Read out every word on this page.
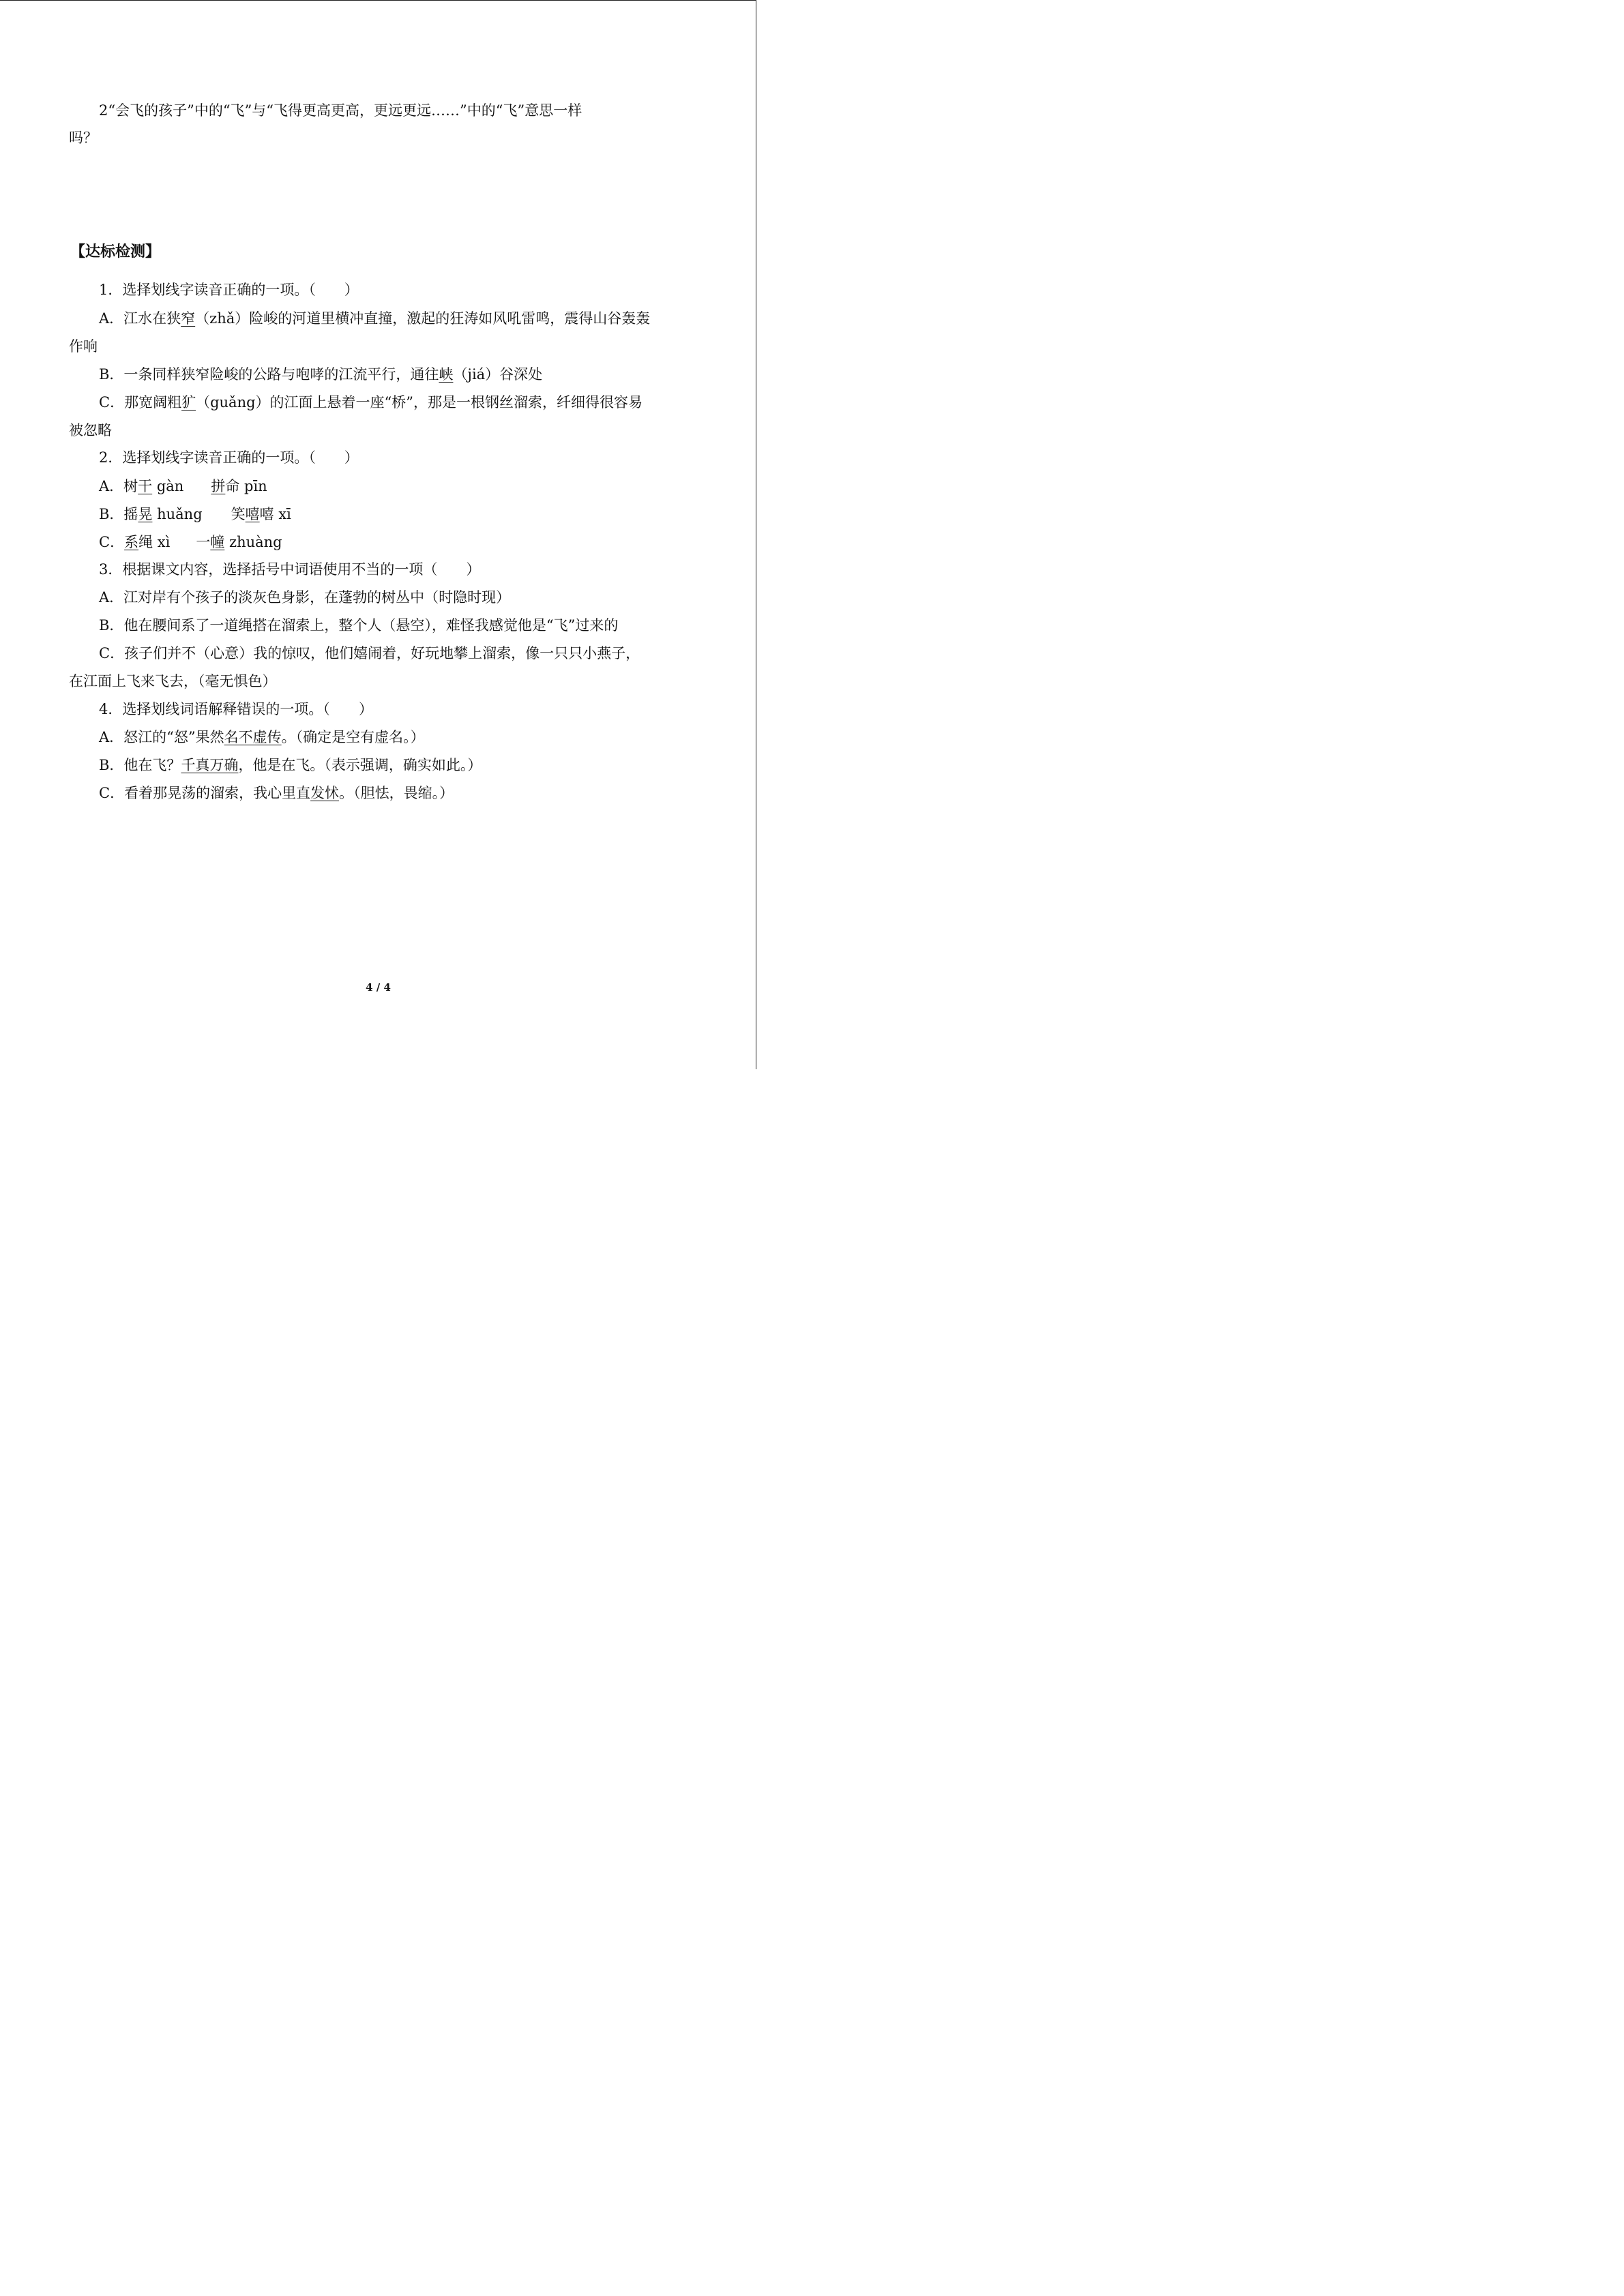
2“会飞的孩子”中的“飞”与“飞得更高更高，更远更远……”中的“飞”意思一样
吗？
【达标检测】
1．选择划线字读音正确的一项。（　　）
A．江水在狭窄（zhǎ）险峻的河道里横冲直撞，激起的狂涛如风吼雷鸣，震得山谷轰轰
作响
B．一条同样狭窄险峻的公路与咆哮的江流平行，通往峡（jiá）谷深处
C．那宽阔粗犷（guǎng）的江面上悬着一座“桥”，那是一根钢丝溜索，纤细得很容易
被忽略
2．选择划线字读音正确的一项。（　　）
A．树干 gàn 拼命 pīn
B．摇晃 huǎng 笑嘻嘻 xī
C．系绳 xì 一幢 zhuàng
3．根据课文内容，选择括号中词语使用不当的一项（　　）
A．江对岸有个孩子的淡灰色身影，在蓬勃的树丛中（时隐时现）
B．他在腰间系了一道绳搭在溜索上，整个人（悬空），难怪我感觉他是“飞”过来的
C．孩子们并不（心意）我的惊叹，他们嬉闹着，好玩地攀上溜索，像一只只小燕子，
在江面上飞来飞去，（毫无惧色）
4．选择划线词语解释错误的一项。（　　）
A．怒江的“怒”果然名不虚传。（确定是空有虚名。）
B．他在飞？千真万确，他是在飞。（表示强调，确实如此。）
C．看着那晃荡的溜索，我心里直发怵。（胆怯，畏缩。）
4 / 4
